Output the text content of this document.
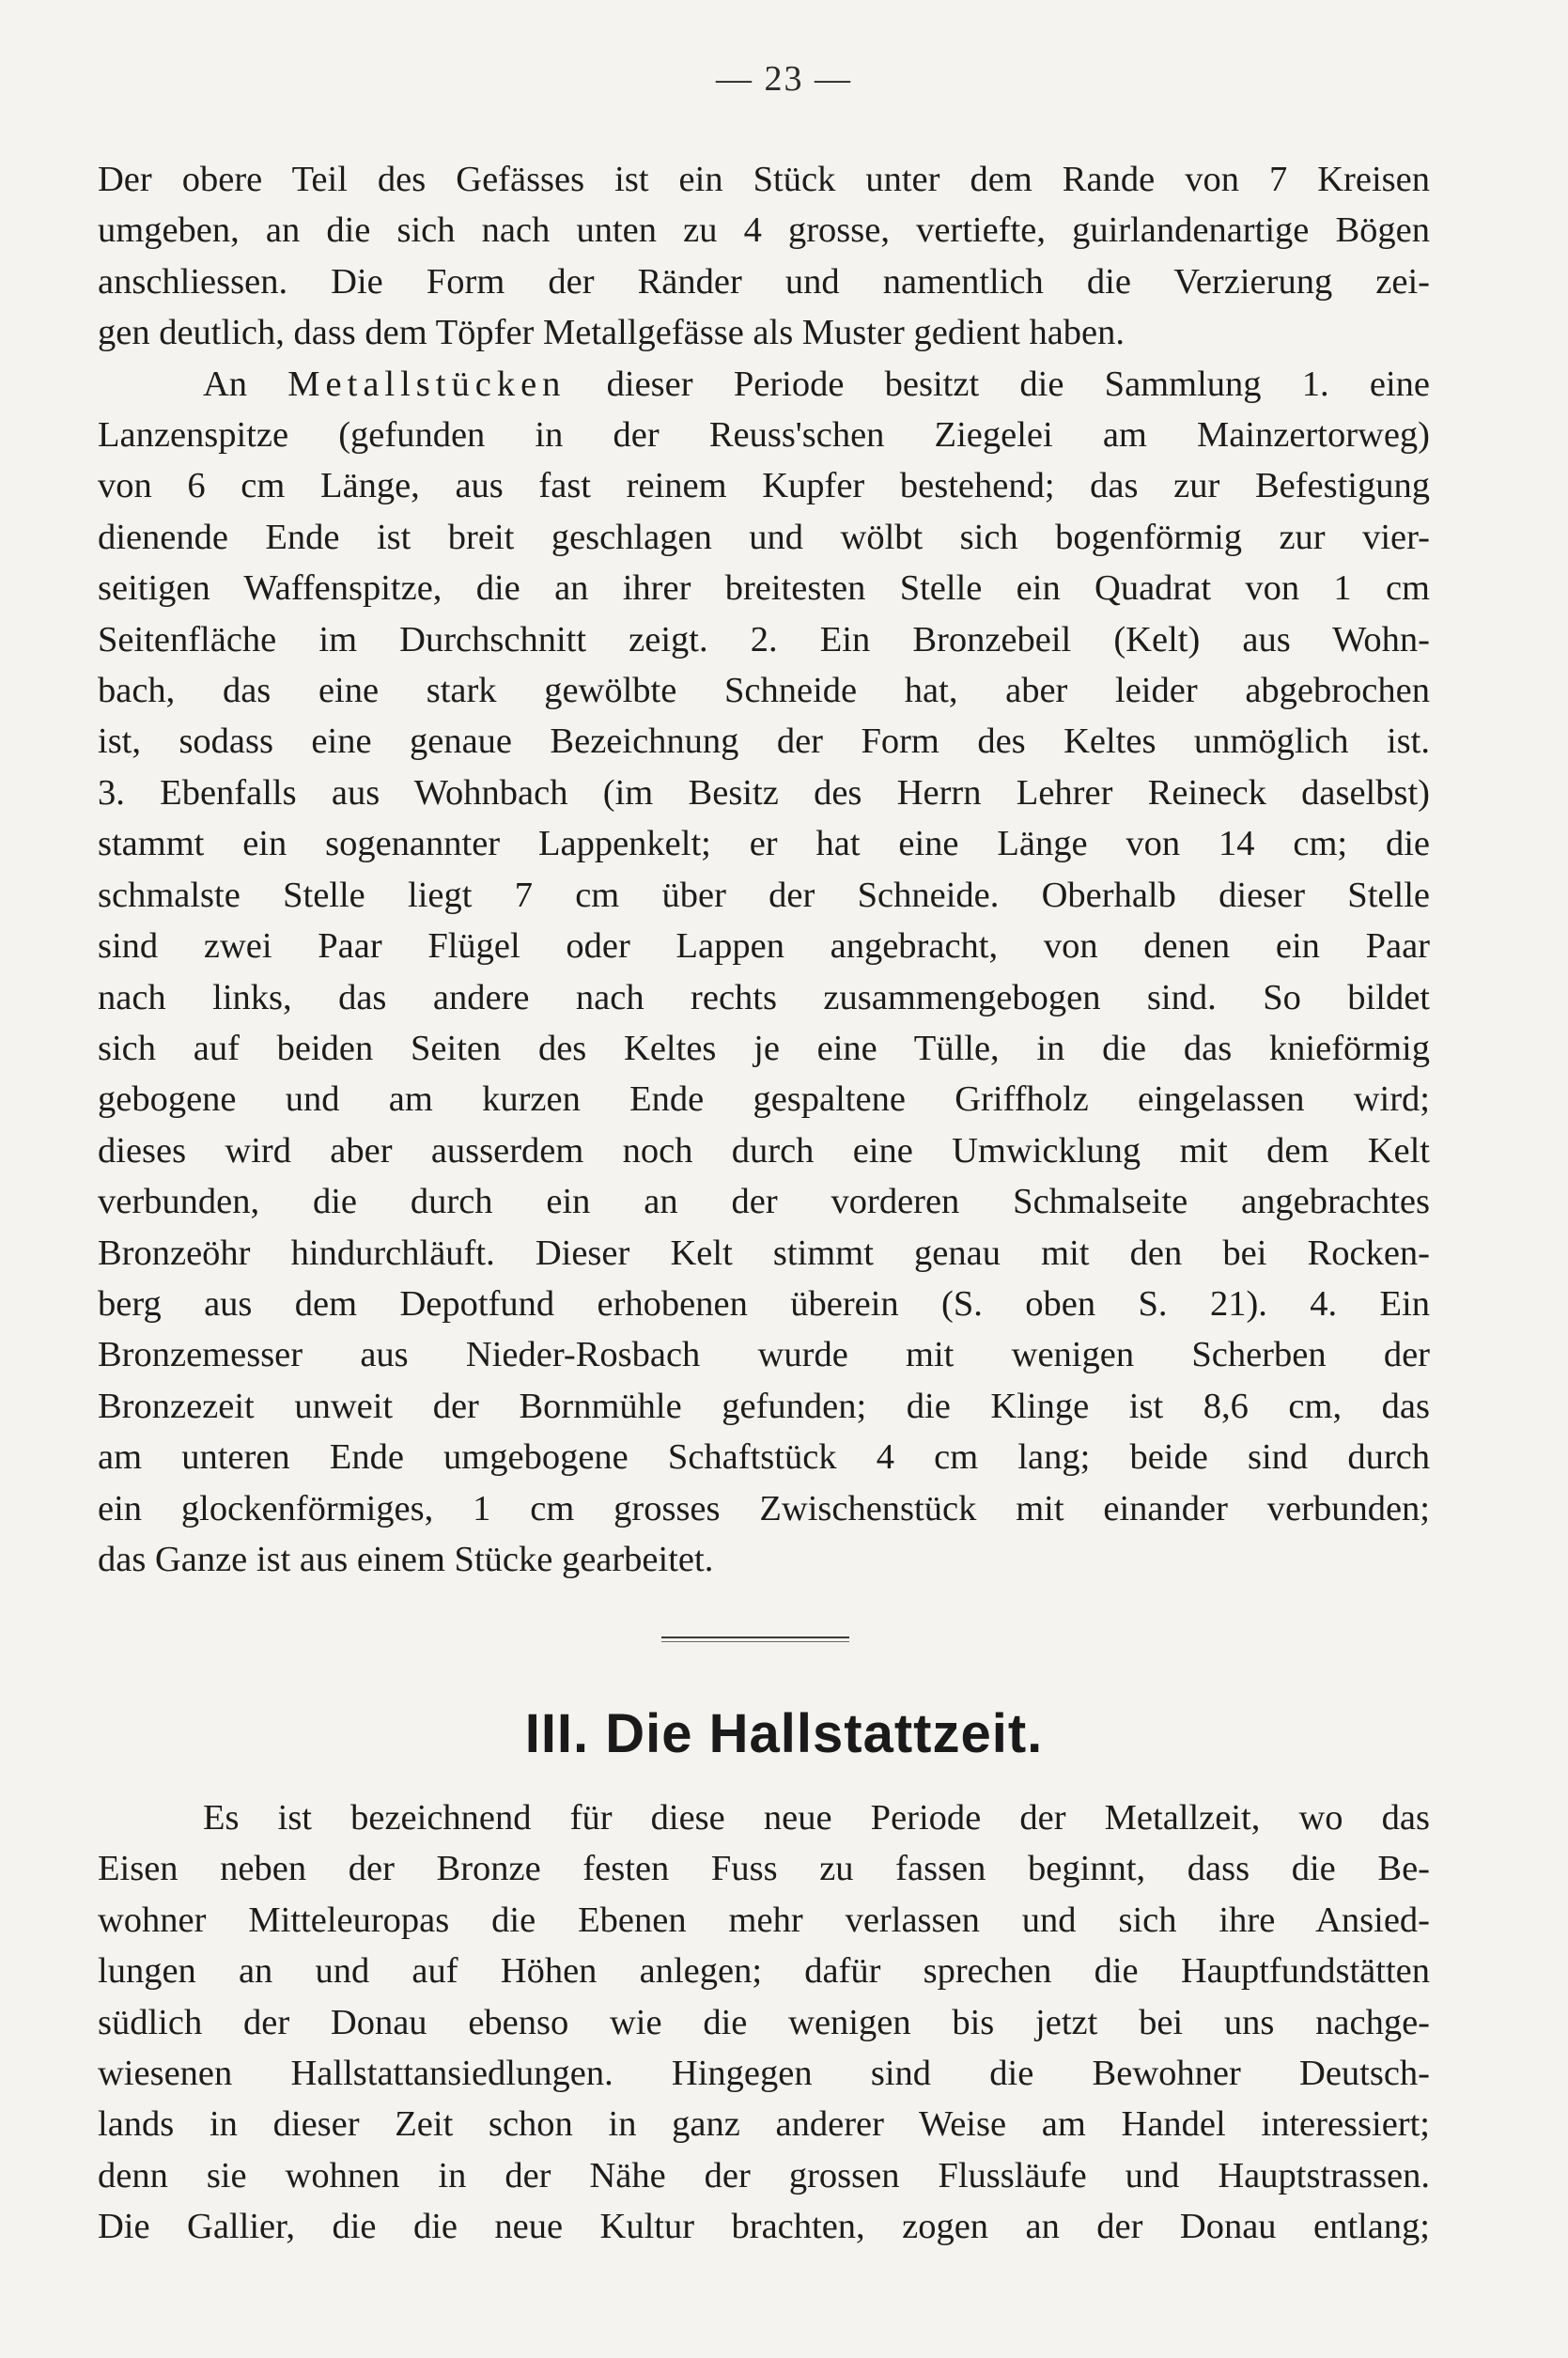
— 23 —
Der obere Teil des Gefässes ist ein Stück unter dem Rande von 7 Kreisen
umgeben, an die sich nach unten zu 4 grosse, vertiefte, guirlandenartige Bögen
anschliessen. Die Form der Ränder und namentlich die Verzierung zei-
gen deutlich, dass dem Töpfer Metallgefässe als Muster gedient haben.
An Metallstücken dieser Periode besitzt die Sammlung 1. eine
Lanzenspitze (gefunden in der Reuss'schen Ziegelei am Mainzertorweg)
von 6 cm Länge, aus fast reinem Kupfer bestehend; das zur Befestigung
dienende Ende ist breit geschlagen und wölbt sich bogenförmig zur vier-
seitigen Waffenspitze, die an ihrer breitesten Stelle ein Quadrat von 1 cm
Seitenfläche im Durchschnitt zeigt. 2. Ein Bronzebeil (Kelt) aus Wohn-
bach, das eine stark gewölbte Schneide hat, aber leider abgebrochen
ist, sodass eine genaue Bezeichnung der Form des Keltes unmöglich ist.
3. Ebenfalls aus Wohnbach (im Besitz des Herrn Lehrer Reineck daselbst)
stammt ein sogenannter Lappenkelt; er hat eine Länge von 14 cm; die
schmalste Stelle liegt 7 cm über der Schneide. Oberhalb dieser Stelle
sind zwei Paar Flügel oder Lappen angebracht, von denen ein Paar
nach links, das andere nach rechts zusammengebogen sind. So bildet
sich auf beiden Seiten des Keltes je eine Tülle, in die das knieförmig
gebogene und am kurzen Ende gespaltene Griffholz eingelassen wird;
dieses wird aber ausserdem noch durch eine Umwicklung mit dem Kelt
verbunden, die durch ein an der vorderen Schmalseite angebrachtes
Bronzeöhr hindurchläuft. Dieser Kelt stimmt genau mit den bei Rocken-
berg aus dem Depotfund erhobenen überein (S. oben S. 21). 4. Ein
Bronzemesser aus Nieder-Rosbach wurde mit wenigen Scherben der
Bronzezeit unweit der Bornmühle gefunden; die Klinge ist 8,6 cm, das
am unteren Ende umgebogene Schaftstück 4 cm lang; beide sind durch
ein glockenförmiges, 1 cm grosses Zwischenstück mit einander verbunden;
das Ganze ist aus einem Stücke gearbeitet.
III. Die Hallstattzeit.
Es ist bezeichnend für diese neue Periode der Metallzeit, wo das
Eisen neben der Bronze festen Fuss zu fassen beginnt, dass die Be-
wohner Mitteleuropas die Ebenen mehr verlassen und sich ihre Ansied-
lungen an und auf Höhen anlegen; dafür sprechen die Hauptfundstätten
südlich der Donau ebenso wie die wenigen bis jetzt bei uns nachge-
wiesenen Hallstattansiedlungen. Hingegen sind die Bewohner Deutsch-
lands in dieser Zeit schon in ganz anderer Weise am Handel interessiert;
denn sie wohnen in der Nähe der grossen Flussläufe und Hauptstrassen.
Die Gallier, die die neue Kultur brachten, zogen an der Donau entlang;
